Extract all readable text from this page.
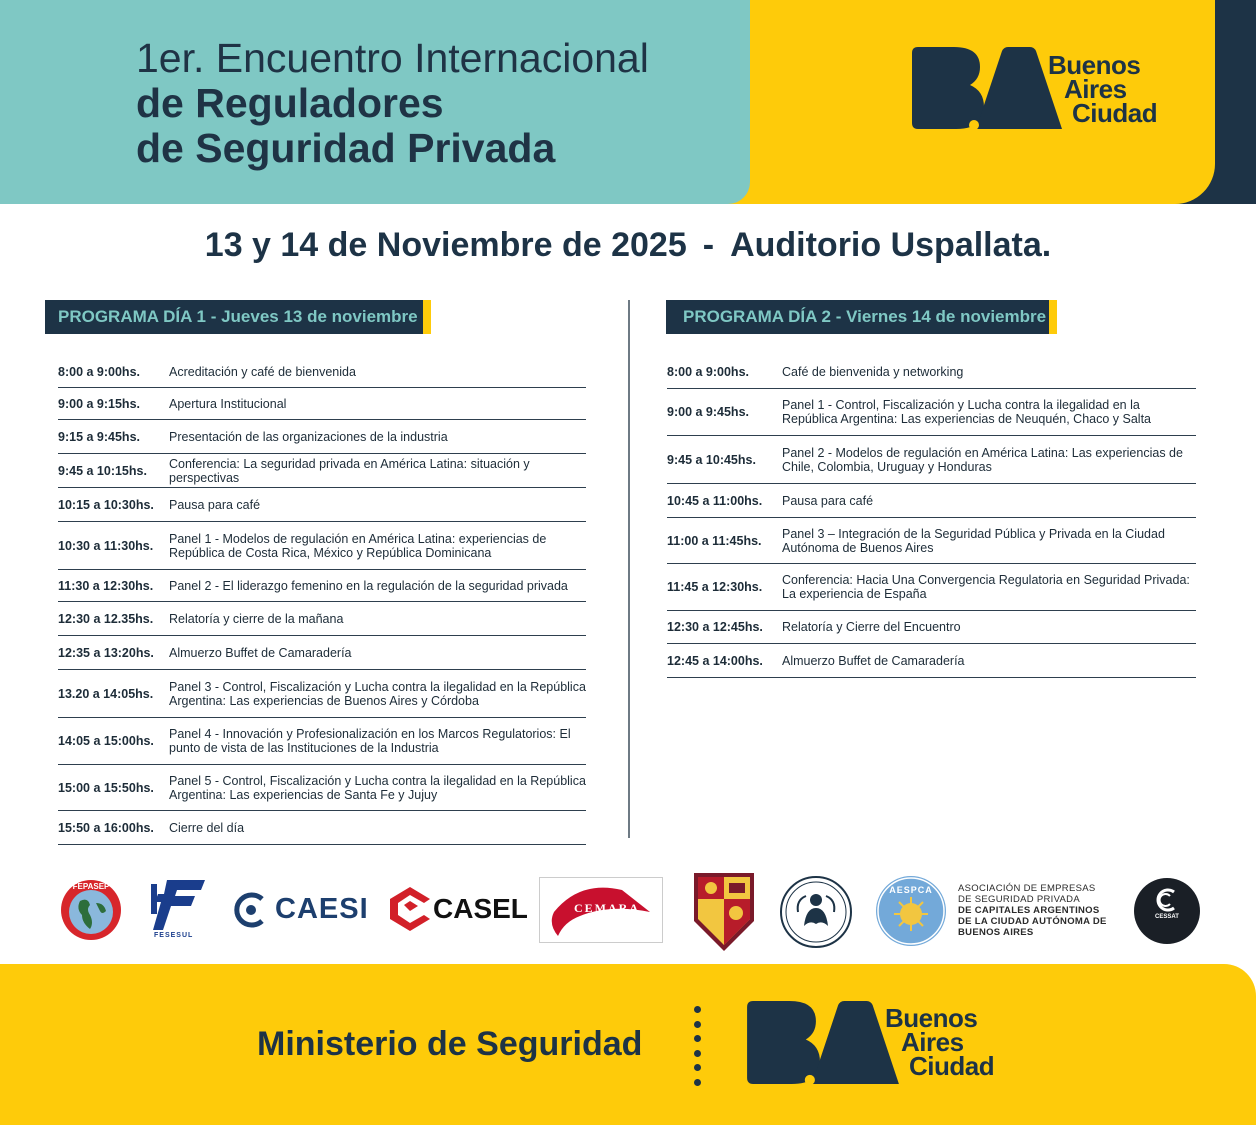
1er. Encuentro Internacional
de Reguladores
de Seguridad Privada
Buenos
Aires
Ciudad
13 y 14 de Noviembre de 2025 - Auditorio Uspallata.
PROGRAMA DÍA 1 - Jueves 13 de noviembre	PROGRAMA DÍA 2 - Viernes 14 de noviembre
8:00 a 9:00hs.	Acreditación y café de bienvenida
9:00 a 9:15hs.	Apertura Institucional
9:15 a 9:45hs.	Presentación de las organizaciones de la industria
9:45 a 10:15hs.	Conferencia: La seguridad privada en América Latina: situación y perspectivas
10:15 a 10:30hs.	Pausa para café
10:30 a 11:30hs.	Panel 1 - Modelos de regulación en América Latina: experiencias de República de Costa Rica, México y República Dominicana
11:30 a 12:30hs.	Panel 2 - El liderazgo femenino en la regulación de la seguridad privada
12:30 a 12.35hs.	Relatoría y cierre de la mañana
12:35 a 13:20hs.	Almuerzo Buffet de Camaradería
13.20 a 14:05hs.	Panel 3 - Control, Fiscalización y Lucha contra la ilegalidad en la República Argentina: Las experiencias de Buenos Aires y Córdoba
14:05 a 15:00hs.	Panel 4 - Innovación y Profesionalización en los Marcos Regulatorios: El punto de vista de las Instituciones de la Industria
15:00 a 15:50hs.	Panel 5 - Control, Fiscalización y Lucha contra la ilegalidad en la República Argentina: Las experiencias de Santa Fe y Jujuy
15:50 a 16:00hs.	Cierre del día
8:00 a 9:00hs.	Café de bienvenida y networking
9:00 a 9:45hs.	Panel 1 - Control, Fiscalización y Lucha contra la ilegalidad en la República Argentina: Las experiencias de Neuquén, Chaco y Salta
9:45 a 10:45hs.	Panel 2 - Modelos de regulación en América Latina: Las experiencias de Chile, Colombia, Uruguay y Honduras
10:45 a 11:00hs.	Pausa para café
11:00 a 11:45hs.	Panel 3 – Integración de la Seguridad Pública y Privada en la Ciudad Autónoma de Buenos Aires
11:45 a 12:30hs.	Conferencia: Hacia Una Convergencia Regulatoria en Seguridad Privada: La experiencia de España
12:30 a 12:45hs.	Relatoría y Cierre del Encuentro
12:45 a 14:00hs.	Almuerzo Buffet de Camaradería
FEPASEP
FESESUL
CAESI CASEL	CEMARA
AESPCA	ASOCIACIÓN DE EMPRESAS
DE SEGURIDAD PRIVADA
DE CAPITALES ARGENTINOS
DE LA CIUDAD AUTÓNOMA DE
BUENOS AIRES
CESSAT
Ministerio de Seguridad
Buenos
Aires
Ciudad
